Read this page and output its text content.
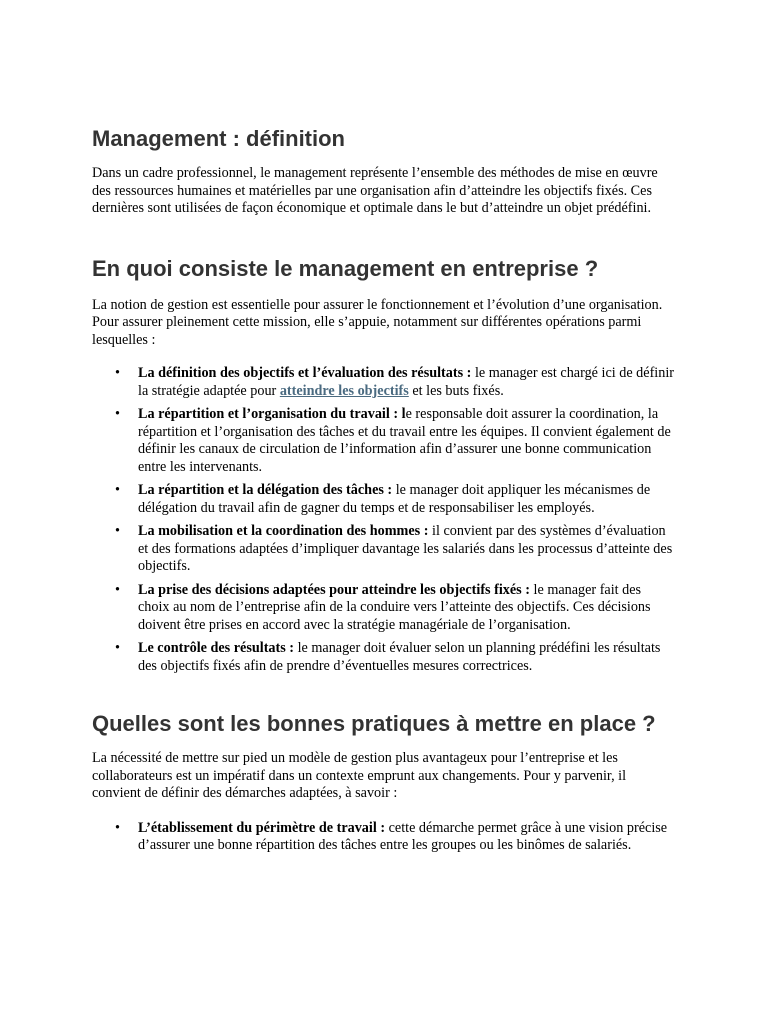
Management : définition

Dans un cadre professionnel, le management représente l’ensemble des méthodes de mise en œuvre des ressources humaines et matérielles par une organisation afin d’atteindre les objectifs fixés. Ces dernières sont utilisées de façon économique et optimale dans le but d’atteindre un objet prédéfini.

En quoi consiste le management en entreprise ?

La notion de gestion est essentielle pour assurer le fonctionnement et l’évolution d’une organisation. Pour assurer pleinement cette mission, elle s’appuie, notamment sur différentes opérations parmi lesquelles :

• La définition des objectifs et l’évaluation des résultats : le manager est chargé ici de définir la stratégie adaptée pour atteindre les objectifs et les buts fixés.
• La répartition et l’organisation du travail : le responsable doit assurer la coordination, la répartition et l’organisation des tâches et du travail entre les équipes. Il convient également de définir les canaux de circulation de l’information afin d’assurer une bonne communication entre les intervenants.
• La répartition et la délégation des tâches : le manager doit appliquer les mécanismes de délégation du travail afin de gagner du temps et de responsabiliser les employés.
• La mobilisation et la coordination des hommes : il convient par des systèmes d’évaluation et des formations adaptées d’impliquer davantage les salariés dans les processus d’atteinte des objectifs.
• La prise des décisions adaptées pour atteindre les objectifs fixés : le manager fait des choix au nom de l’entreprise afin de la conduire vers l’atteinte des objectifs. Ces décisions doivent être prises en accord avec la stratégie managériale de l’organisation.
• Le contrôle des résultats : le manager doit évaluer selon un planning prédéfini les résultats des objectifs fixés afin de prendre d’éventuelles mesures correctrices.
Quelles sont les bonnes pratiques à mettre en place ?

La nécessité de mettre sur pied un modèle de gestion plus avantageux pour l’entreprise et les collaborateurs est un impératif dans un contexte emprunt aux changements. Pour y parvenir, il convient de définir des démarches adaptées, à savoir :

• L’établissement du périmètre de travail : cette démarche permet grâce à une vision précise d’assurer une bonne répartition des tâches entre les groupes ou les binômes de salariés.
